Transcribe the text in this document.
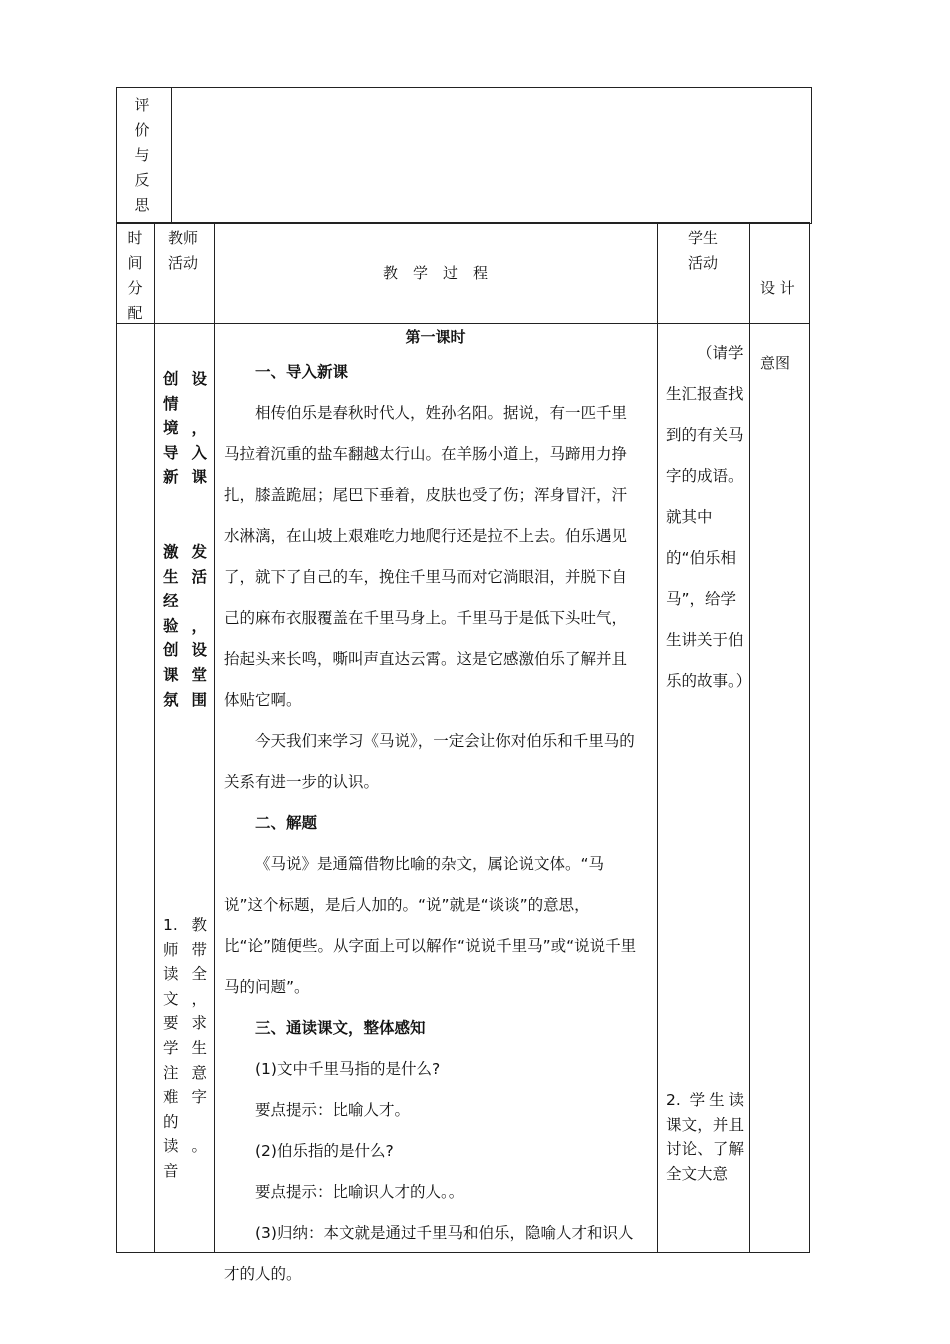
评
价
与
反
思
时
间
分
配
教师
活动
教　学　过　程
学生
活动

设 计

意图

创 设
情
境 ，
导 入
新课
激 发
生 活
经
验 ，
创 设
课 堂
氛围
1. 教
师 带
读 全
文 ，
要 求
学 生
注 意
难 字
的读。
音
第一课时

一、导入新课

相传伯乐是春秋时代人，姓孙名阳。据说，有一匹千里马拉着沉重的盐车翻越太行山。在羊肠小道上，马蹄用力挣扎，膝盖跪屈；尾巴下垂着，皮肤也受了伤；浑身冒汗，汗水淋漓，在山坡上艰难吃力地爬行还是拉不上去。伯乐遇见了，就下了自己的车，挽住千里马而对它淌眼泪，并脱下自己的麻布衣服覆盖在千里马身上。千里马于是低下头吐气，抬起头来长鸣，嘶叫声直达云霄。这是它感激伯乐了解并且体贴它啊。

今天我们来学习《马说》，一定会让你对伯乐和千里马的关系有进一步的认识。

二、解题

《马说》是通篇借物比喻的杂文，属论说文体。“马说”这个标题，是后人加的。“说”就是“谈谈”的意思，比“论”随便些。从字面上可以解作“说说千里马”或“说说千里马的问题”。

三、通读课文，整体感知

(1)文中千里马指的是什么?

要点提示：比喻人才。

(2)伯乐指的是什么?

要点提示：比喻识人才的人。。

(3)归纳：本文就是通过千里马和伯乐，隐喻人才和识人才的人的。

（请学生汇报查找到的有关马字的成语。就其中的“伯乐相马”，给学生讲关于伯乐的故事。）

2. 学生读课文，并且讨论、了解全文大意
